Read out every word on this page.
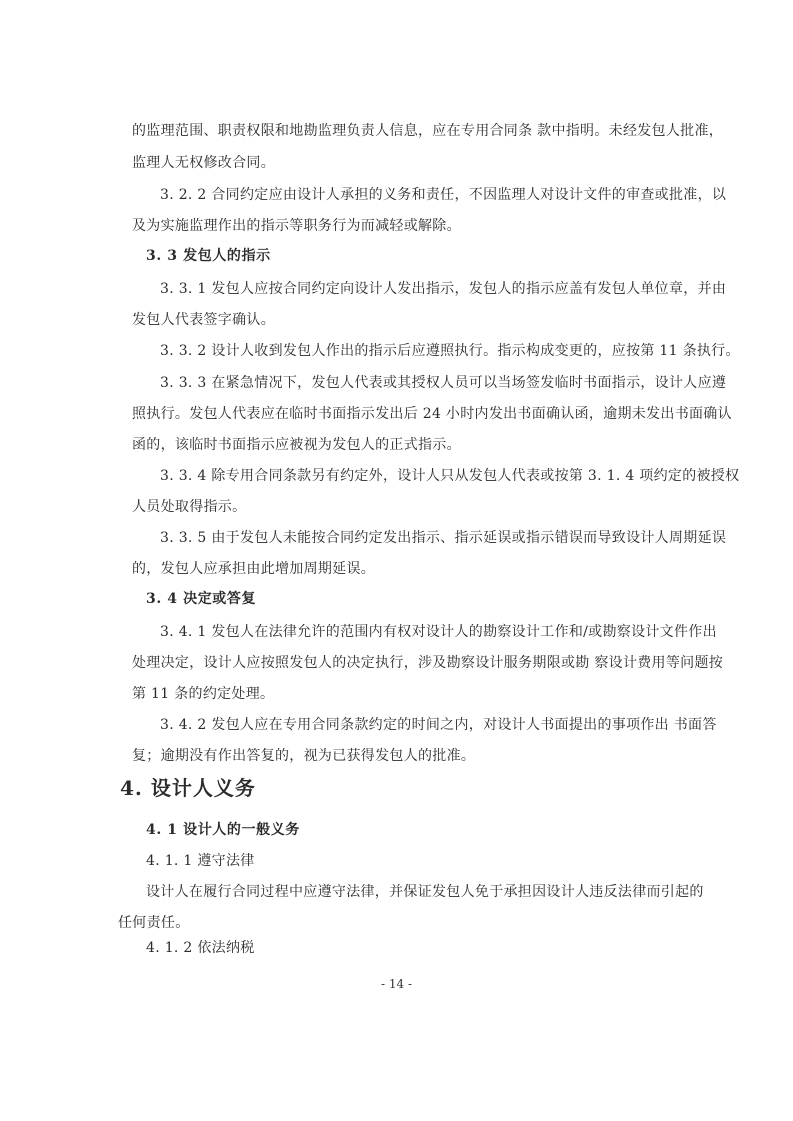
的监理范围、职责权限和地勘监理负责人信息，应在专用合同条 款中指明。未经发包人批准，
监理人无权修改合同。
3. 2. 2 合同约定应由设计人承担的义务和责任，不因监理人对设计文件的审查或批准，以
及为实施监理作出的指示等职务行为而减轻或解除。
3. 3 发包人的指示
3. 3. 1 发包人应按合同约定向设计人发出指示，发包人的指示应盖有发包人单位章，并由
发包人代表签字确认。
3. 3. 2 设计人收到发包人作出的指示后应遵照执行。指示构成变更的，应按第 11 条执行。
3. 3. 3 在紧急情况下，发包人代表或其授权人员可以当场签发临时书面指示，设计人应遵
照执行。发包人代表应在临时书面指示发出后 24 小时内发出书面确认函，逾期未发出书面确认
函的，该临时书面指示应被视为发包人的正式指示。
3. 3. 4 除专用合同条款另有约定外，设计人只从发包人代表或按第 3. 1. 4 项约定的被授权
人员处取得指示。
3. 3. 5 由于发包人未能按合同约定发出指示、指示延误或指示错误而导致设计人周期延误
的，发包人应承担由此增加周期延误。
3. 4 决定或答复
3. 4. 1 发包人在法律允许的范围内有权对设计人的勘察设计工作和/或勘察设计文件作出
处理决定，设计人应按照发包人的决定执行，涉及勘察设计服务期限或勘 察设计费用等问题按
第 11 条的约定处理。
3. 4. 2 发包人应在专用合同条款约定的时间之内，对设计人书面提出的事项作出 书面答
复；逾期没有作出答复的，视为已获得发包人的批准。
4. 设计人义务
4. 1 设计人的一般义务
4. 1. 1 遵守法律
设计人在履行合同过程中应遵守法律，并保证发包人免于承担因设计人违反法律而引起的
任何责任。
4. 1. 2 依法纳税
- 14 -
